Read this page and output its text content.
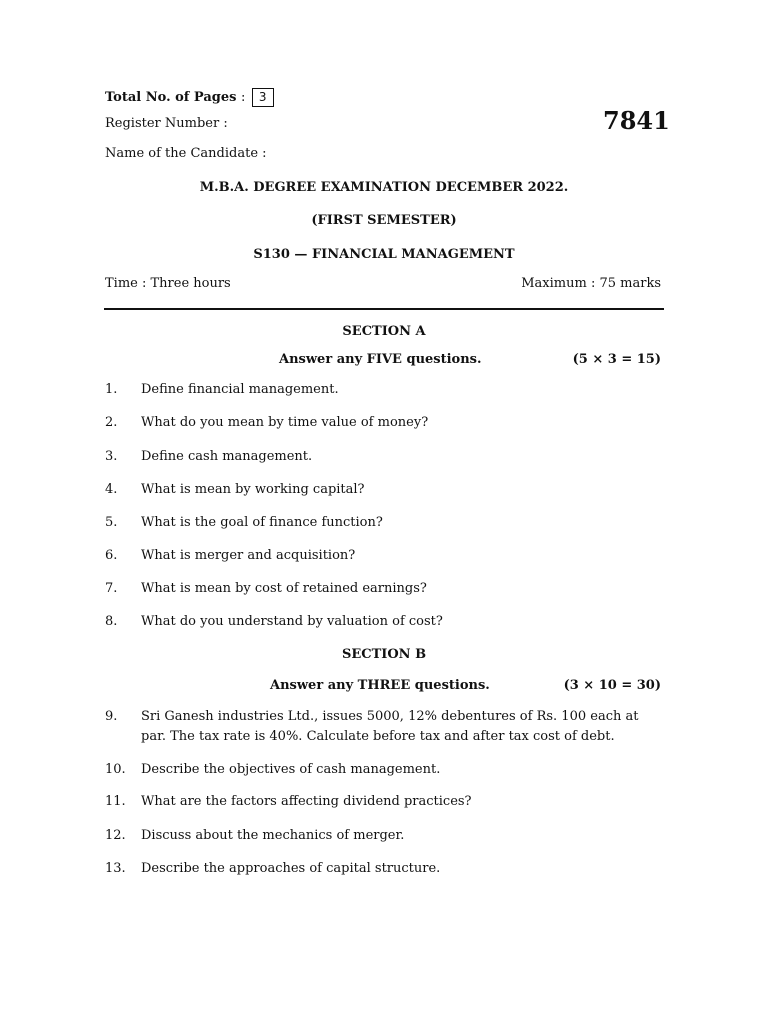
Total No. of Pages : 3
Register Number :	7841
Name of the Candidate :
M.B.A. DEGREE EXAMINATION DECEMBER 2022.
(FIRST SEMESTER)
S130 — FINANCIAL MANAGEMENT
Time : Three hours	Maximum : 75 marks
SECTION A
Answer any FIVE questions.	(5 × 3 = 15)
1. Define financial management.
2. What do you mean by time value of money?
3. Define cash management.
4. What is mean by working capital?
5. What is the goal of finance function?
6. What is merger and acquisition?
7. What is mean by cost of retained earnings?
8. What do you understand by valuation of cost?
SECTION B
Answer any THREE questions.	(3 × 10 = 30)
9. Sri Ganesh industries Ltd., issues 5000, 12% debentures of Rs. 100 each at par. The tax rate is 40%. Calculate before tax and after tax cost of debt.
10. Describe the objectives of cash management.
11. What are the factors affecting dividend practices?
12. Discuss about the mechanics of merger.
13. Describe the approaches of capital structure.
